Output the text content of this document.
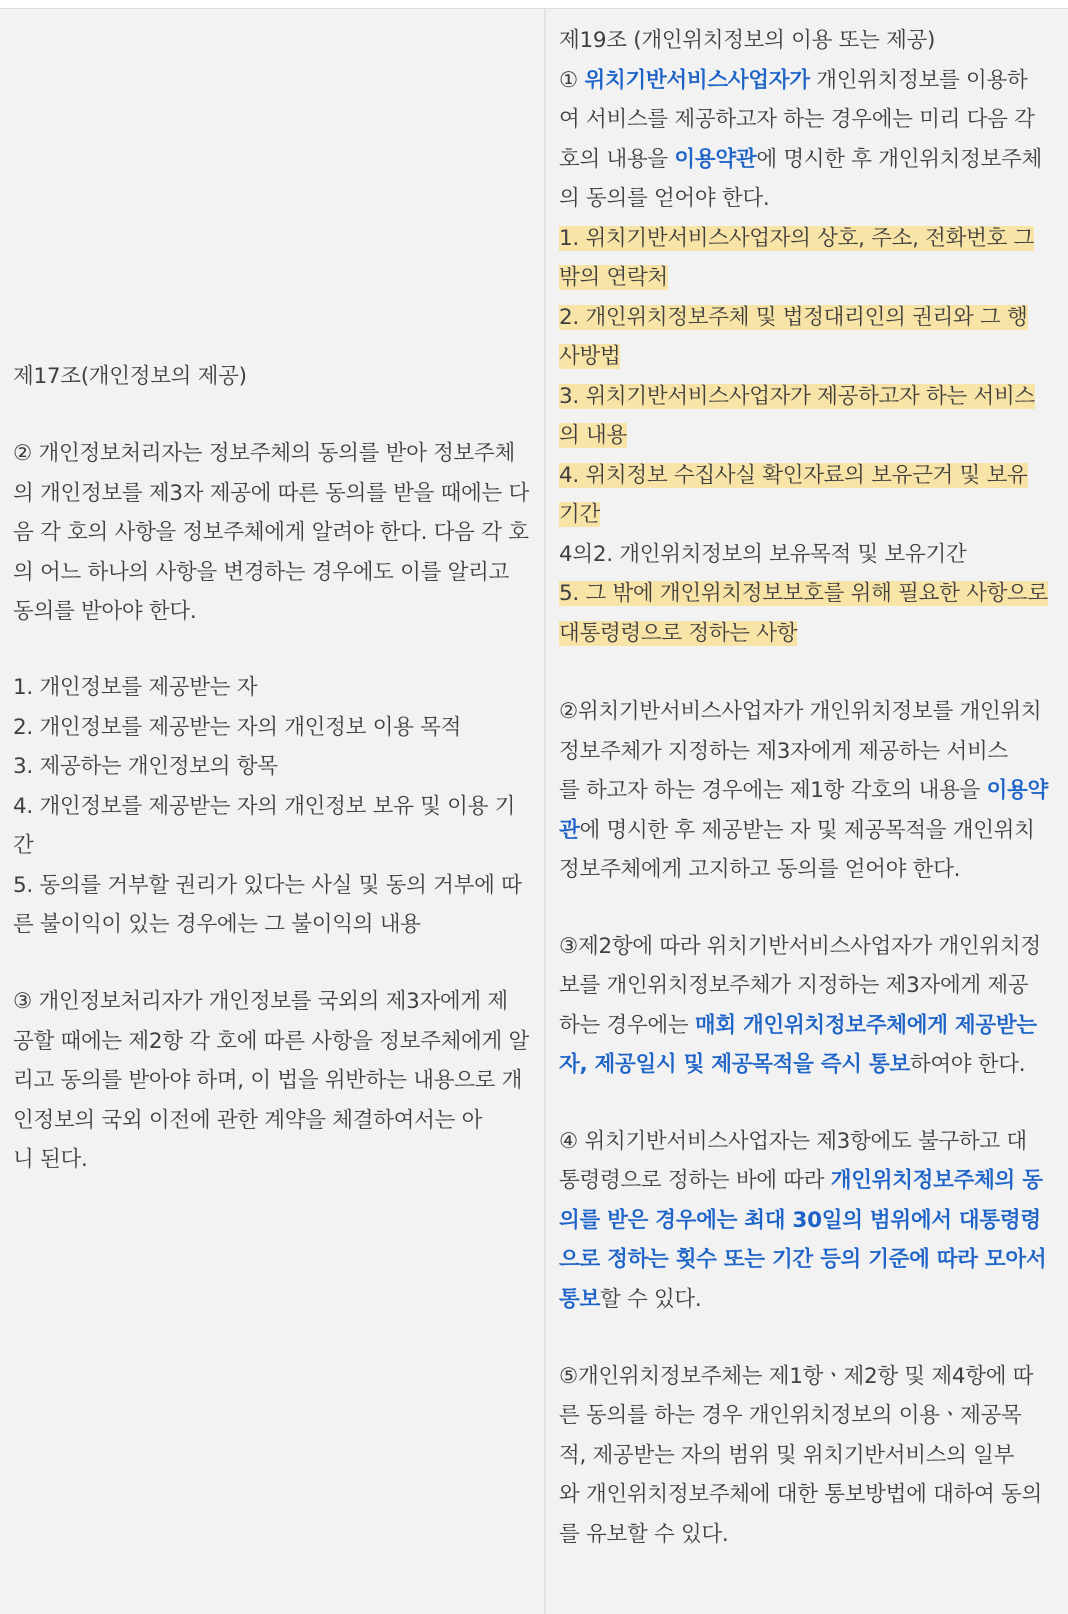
제17조(개인정보의 제공)
② 개인정보처리자는 정보주체의 동의를 받아 정보주체
의 개인정보를 제3자 제공에 따른 동의를 받을 때에는 다
음 각 호의 사항을 정보주체에게 알려야 한다. 다음 각 호
의 어느 하나의 사항을 변경하는 경우에도 이를 알리고
동의를 받아야 한다.
1. 개인정보를 제공받는 자
2. 개인정보를 제공받는 자의 개인정보 이용 목적
3. 제공하는 개인정보의 항목
4. 개인정보를 제공받는 자의 개인정보 보유 및 이용 기
간
5. 동의를 거부할 권리가 있다는 사실 및 동의 거부에 따
른 불이익이 있는 경우에는 그 불이익의 내용
③ 개인정보처리자가 개인정보를 국외의 제3자에게 제
공할 때에는 제2항 각 호에 따른 사항을 정보주체에게 알
리고 동의를 받아야 하며, 이 법을 위반하는 내용으로 개
인정보의 국외 이전에 관한 계약을 체결하여서는 아
니 된다.
제19조 (개인위치정보의 이용 또는 제공)
① 위치기반서비스사업자가 개인위치정보를 이용하
여 서비스를 제공하고자 하는 경우에는 미리 다음 각
호의 내용을 이용약관에 명시한 후 개인위치정보주체
의 동의를 얻어야 한다.
1. 위치기반서비스사업자의 상호, 주소, 전화번호 그
밖의 연락처
2. 개인위치정보주체 및 법정대리인의 권리와 그 행
사방법
3. 위치기반서비스사업자가 제공하고자 하는 서비스
의 내용
4. 위치정보 수집사실 확인자료의 보유근거 및 보유
기간
4의2. 개인위치정보의 보유목적 및 보유기간
5. 그 밖에 개인위치정보보호를 위해 필요한 사항으로
대통령령으로 정하는 사항
②위치기반서비스사업자가 개인위치정보를 개인위치
정보주체가 지정하는 제3자에게 제공하는 서비스
를 하고자 하는 경우에는 제1항 각호의 내용을 이용약
관에 명시한 후 제공받는 자 및 제공목적을 개인위치
정보주체에게 고지하고 동의를 얻어야 한다.
③제2항에 따라 위치기반서비스사업자가 개인위치정
보를 개인위치정보주체가 지정하는 제3자에게 제공
하는 경우에는 매회 개인위치정보주체에게 제공받는
자, 제공일시 및 제공목적을 즉시 통보하여야 한다.
④ 위치기반서비스사업자는 제3항에도 불구하고 대
통령령으로 정하는 바에 따라 개인위치정보주체의 동
의를 받은 경우에는 최대 30일의 범위에서 대통령령
으로 정하는 횟수 또는 기간 등의 기준에 따라 모아서
통보할 수 있다.
⑤개인위치정보주체는 제1항ㆍ제2항 및 제4항에 따
른 동의를 하는 경우 개인위치정보의 이용ㆍ제공목
적, 제공받는 자의 범위 및 위치기반서비스의 일부
와 개인위치정보주체에 대한 통보방법에 대하여 동의
를 유보할 수 있다.
